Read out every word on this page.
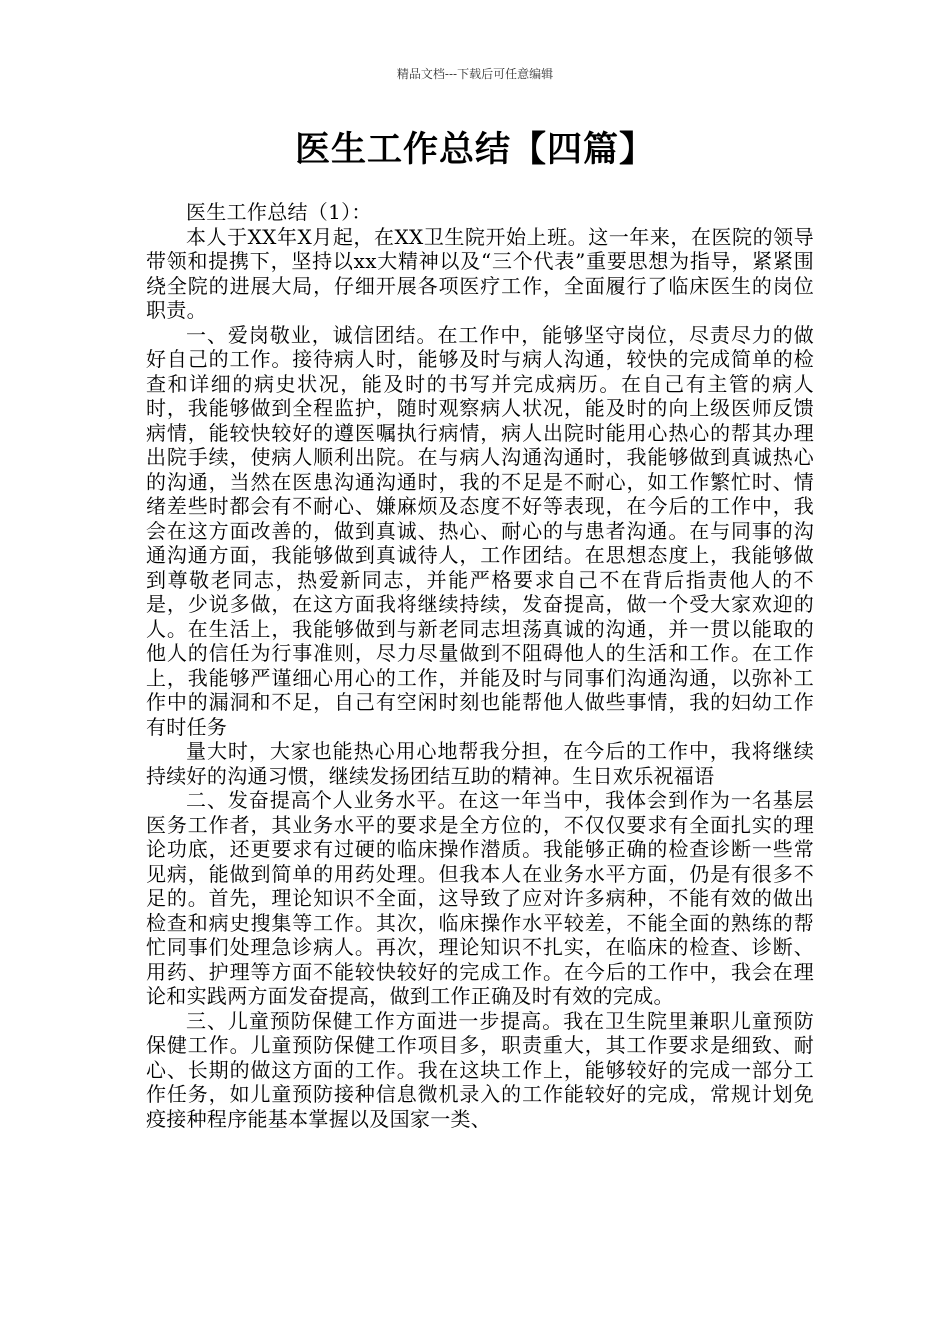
精品文档---下载后可任意编辑
医生工作总结【四篇】

医生工作总结（1）：

本人于XX年X月起，在XX卫生院开始上班。这一年来，在医院的领导带领和提携下，坚持以xx大精神以及“三个代表”重要思想为指导，紧紧围绕全院的进展大局，仔细开展各项医疗工作，全面履行了临床医生的岗位职责。

一、爱岗敬业，诚信团结。在工作中，能够坚守岗位，尽责尽力的做好自己的工作。接待病人时，能够及时与病人沟通，较快的完成简单的检查和详细的病史状况，能及时的书写并完成病历。在自己有主管的病人时，我能够做到全程监护，随时观察病人状况，能及时的向上级医师反馈病情，能较快较好的遵医嘱执行病情，病人出院时能用心热心的帮其办理出院手续，使病人顺利出院。在与病人沟通沟通时，我能够做到真诚热心的沟通，当然在医患沟通沟通时，我的不足是不耐心，如工作繁忙时、情绪差些时都会有不耐心、嫌麻烦及态度不好等表现，在今后的工作中，我会在这方面改善的，做到真诚、热心、耐心的与患者沟通。在与同事的沟通沟通方面，我能够做到真诚待人，工作团结。在思想态度上，我能够做到尊敬老同志，热爱新同志，并能严格要求自己不在背后指责他人的不是，少说多做，在这方面我将继续持续，发奋提高，做一个受大家欢迎的人。在生活上，我能够做到与新老同志坦荡真诚的沟通，并一贯以能取的他人的信任为行事准则，尽力尽量做到不阻碍他人的生活和工作。在工作上，我能够严谨细心用心的工作，并能及时与同事们沟通沟通，以弥补工作中的漏洞和不足，自己有空闲时刻也能帮他人做些事情，我的妇幼工作有时任务

量大时，大家也能热心用心地帮我分担，在今后的工作中，我将继续持续好的沟通习惯，继续发扬团结互助的精神。生日欢乐祝福语

二、发奋提高个人业务水平。在这一年当中，我体会到作为一名基层医务工作者，其业务水平的要求是全方位的，不仅仅要求有全面扎实的理论功底，还更要求有过硬的临床操作潜质。我能够正确的检查诊断一些常见病，能做到简单的用药处理。但我本人在业务水平方面，仍是有很多不足的。首先，理论知识不全面，这导致了应对许多病种，不能有效的做出检查和病史搜集等工作。其次，临床操作水平较差，不能全面的熟练的帮忙同事们处理急诊病人。再次，理论知识不扎实，在临床的检查、诊断、用药、护理等方面不能较快较好的完成工作。在今后的工作中，我会在理论和实践两方面发奋提高，做到工作正确及时有效的完成。

三、儿童预防保健工作方面进一步提高。我在卫生院里兼职儿童预防保健工作。儿童预防保健工作项目多，职责重大，其工作要求是细致、耐心、长期的做这方面的工作。我在这块工作上，能够较好的完成一部分工作任务，如儿童预防接种信息微机录入的工作能较好的完成，常规计划免疫接种程序能基本掌握以及国家一类、
